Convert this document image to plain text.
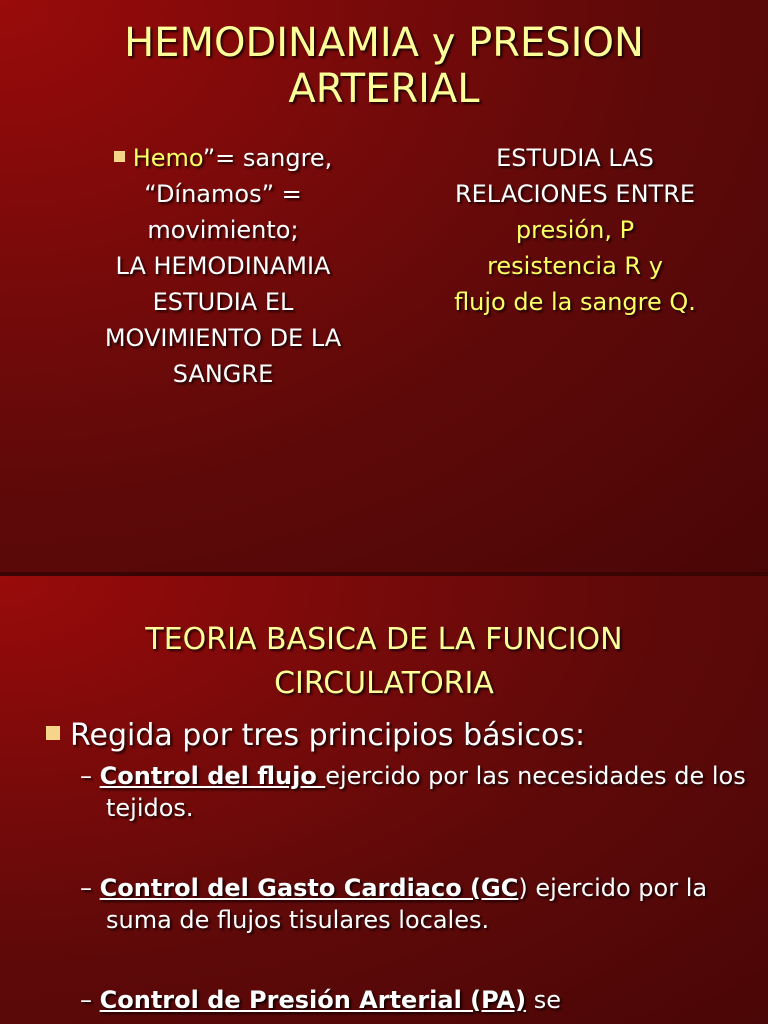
HEMODINAMIA y PRESION ARTERIAL
Hemo”= sangre,
“Dínamos” =
movimiento;
LA HEMODINAMIA
ESTUDIA EL
MOVIMIENTO DE LA
SANGRE
ESTUDIA LAS
RELACIONES ENTRE
presión, P
resistencia R y
flujo de la sangre Q.
TEORIA BASICA DE LA FUNCION CIRCULATORIA
Regida por tres principios básicos:
– Control del flujo ejercido por las necesidades de los tejidos.
– Control del Gasto Cardiaco (GC) ejercido por la suma de flujos tisulares locales.
– Control de Presión Arterial (PA) se
